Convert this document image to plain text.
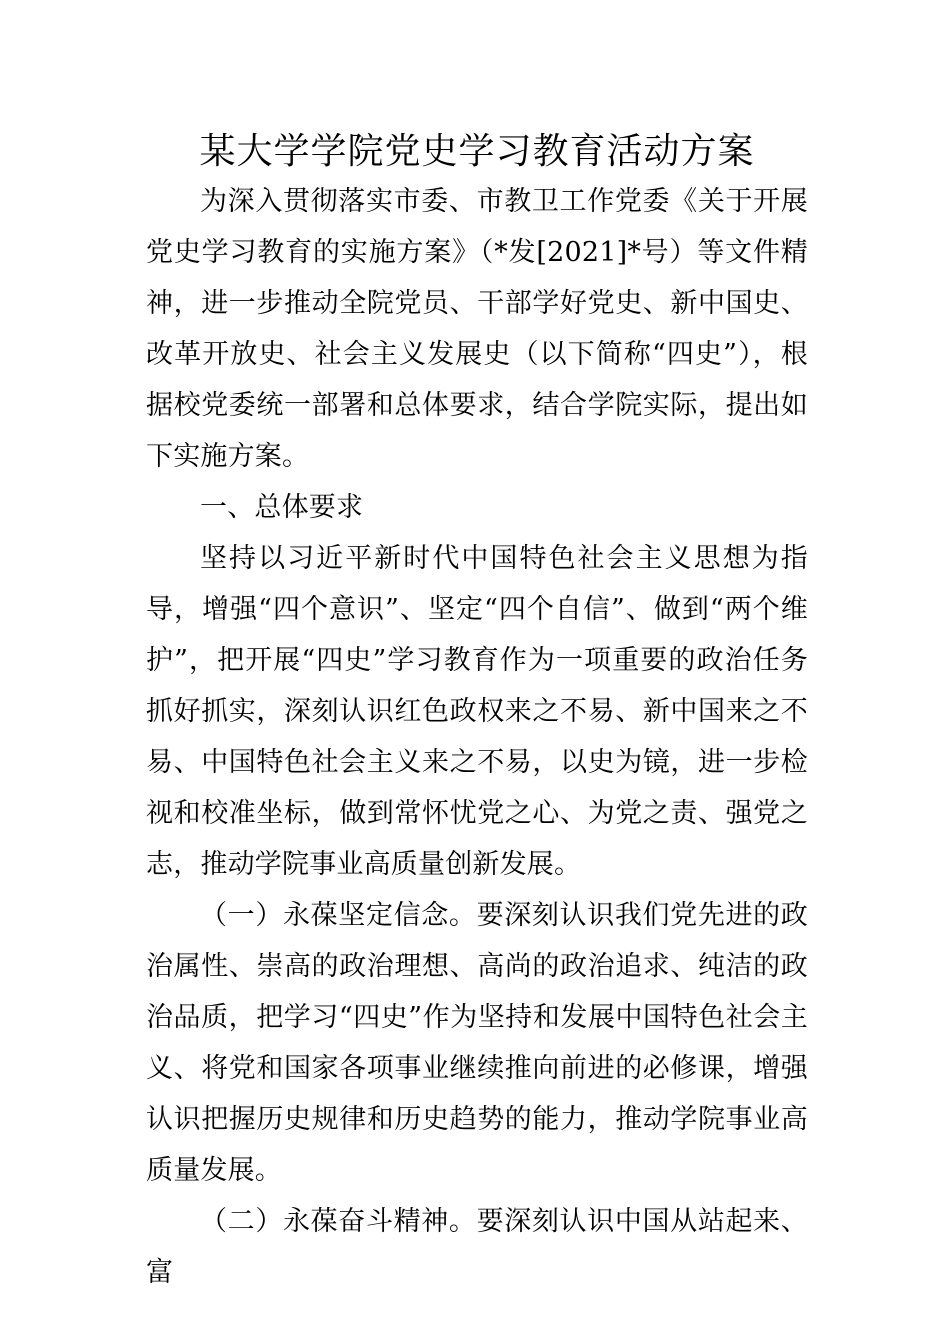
某大学学院党史学习教育活动方案

为深入贯彻落实市委、市教卫工作党委《关于开展党史学习教育的实施方案》（*发[2021]*号）等文件精神，进一步推动全院党员、干部学好党史、新中国史、改革开放史、社会主义发展史（以下简称“四史”），根据校党委统一部署和总体要求，结合学院实际，提出如下实施方案。

一、总体要求

坚持以习近平新时代中国特色社会主义思想为指导，增强“四个意识”、坚定“四个自信”、做到“两个维护”，把开展“四史”学习教育作为一项重要的政治任务抓好抓实，深刻认识红色政权来之不易、新中国来之不易、中国特色社会主义来之不易，以史为镜，进一步检视和校准坐标，做到常怀忧党之心、为党之责、强党之志，推动学院事业高质量创新发展。

（一）永葆坚定信念。要深刻认识我们党先进的政治属性、崇高的政治理想、高尚的政治追求、纯洁的政治品质，把学习“四史”作为坚持和发展中国特色社会主义、将党和国家各项事业继续推向前进的必修课，增强认识把握历史规律和历史趋势的能力，推动学院事业高质量发展。

（二）永葆奋斗精神。要深刻认识中国从站起来、富
